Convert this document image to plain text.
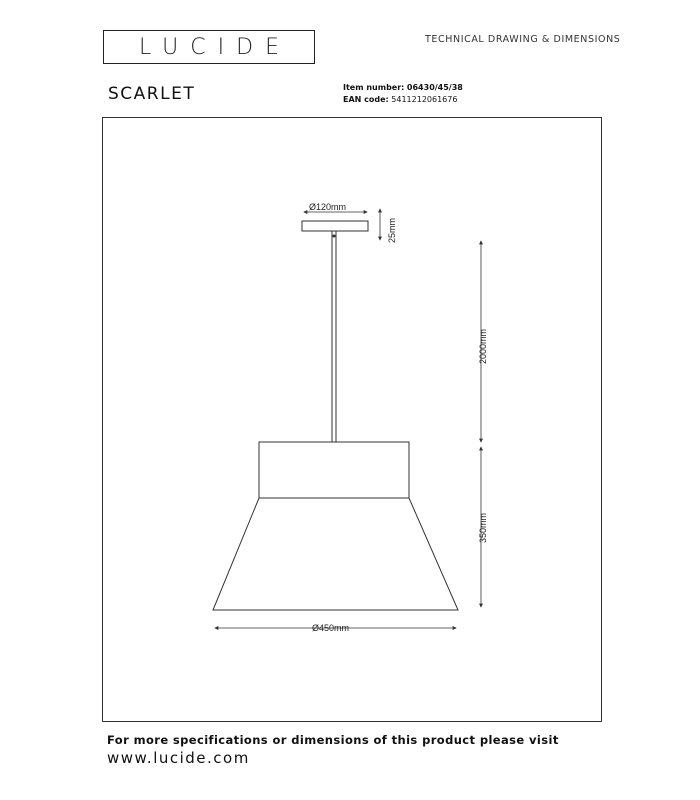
LUCIDE	TECHNICAL DRAWING & DIMENSIONS
SCARLET	Item number: 06430/45/38
EAN code: 5411212061676
Ø120mm
25mm
2000mm
350mm
Ø450mm
For more specifications or dimensions of this product please visit
www.lucide.com
